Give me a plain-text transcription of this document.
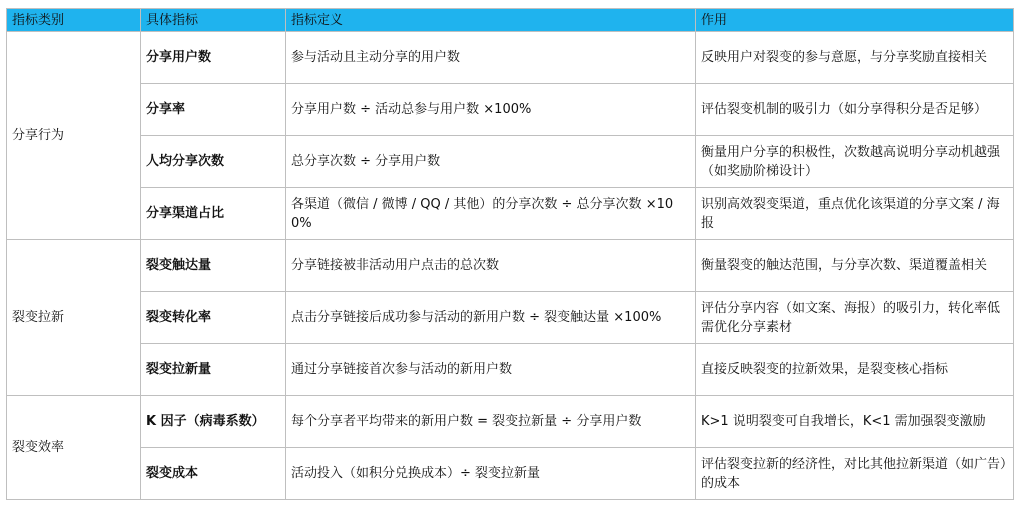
指标类别	具体指标	指标定义	作用
分享行为	分享用户数	参与活动且主动分享的用户数	反映用户对裂变的参与意愿，与分享奖励直接相关
	分享率	分享用户数 ÷ 活动总参与用户数 ×100%	评估裂变机制的吸引力（如分享得积分是否足够）
	人均分享次数	总分享次数 ÷ 分享用户数	衡量用户分享的积极性，次数越高说明分享动机越强（如奖励阶梯设计）
	分享渠道占比	各渠道（微信 / 微博 / QQ / 其他）的分享次数 ÷ 总分享次数 ×100%	识别高效裂变渠道，重点优化该渠道的分享文案 / 海报
裂变拉新	裂变触达量	分享链接被非活动用户点击的总次数	衡量裂变的触达范围，与分享次数、渠道覆盖相关
	裂变转化率	点击分享链接后成功参与活动的新用户数 ÷ 裂变触达量 ×100%	评估分享内容（如文案、海报）的吸引力，转化率低需优化分享素材
	裂变拉新量	通过分享链接首次参与活动的新用户数	直接反映裂变的拉新效果，是裂变核心指标
裂变效率	K 因子（病毒系数）	每个分享者平均带来的新用户数 = 裂变拉新量 ÷ 分享用户数	K>1 说明裂变可自我增长，K<1 需加强裂变激励
	裂变成本	活动投入（如积分兑换成本）÷ 裂变拉新量	评估裂变拉新的经济性，对比其他拉新渠道（如广告）的成本
